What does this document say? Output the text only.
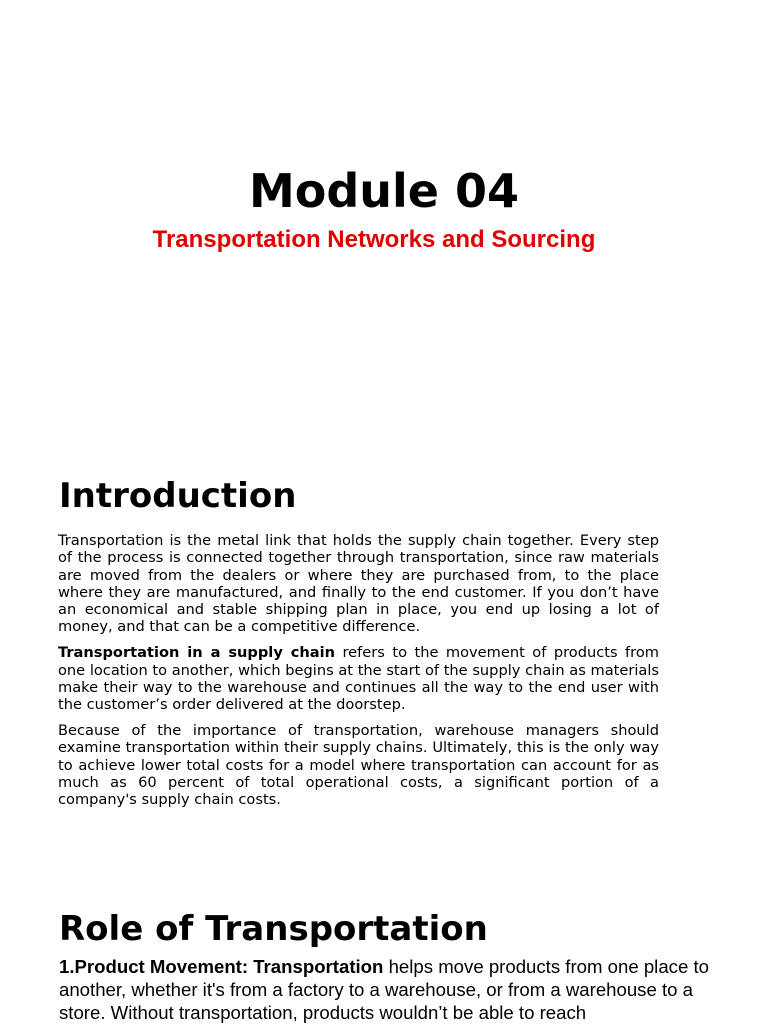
Module 04
Transportation Networks and Sourcing
Introduction

Transportation is the metal link that holds the supply chain together. Every step of the process is connected together through transportation, since raw materials are moved from the dealers or where they are purchased from, to the place where they are manufactured, and finally to the end customer. If you don’t have an economical and stable shipping plan in place, you end up losing a lot of money, and that can be a competitive difference.

Transportation in a supply chain refers to the movement of products from one location to another, which begins at the start of the supply chain as materials make their way to the warehouse and continues all the way to the end user with the customer’s order delivered at the doorstep.

Because of the importance of transportation, warehouse managers should examine transportation within their supply chains. Ultimately, this is the only way to achieve lower total costs for a model where transportation can account for as much as 60 percent of total operational costs, a significant portion of a company's supply chain costs.

Role of Transportation

1.Product Movement: Transportation helps move products from one place to another, whether it's from a factory to a warehouse, or from a warehouse to a store. Without transportation, products wouldn’t be able to reach
